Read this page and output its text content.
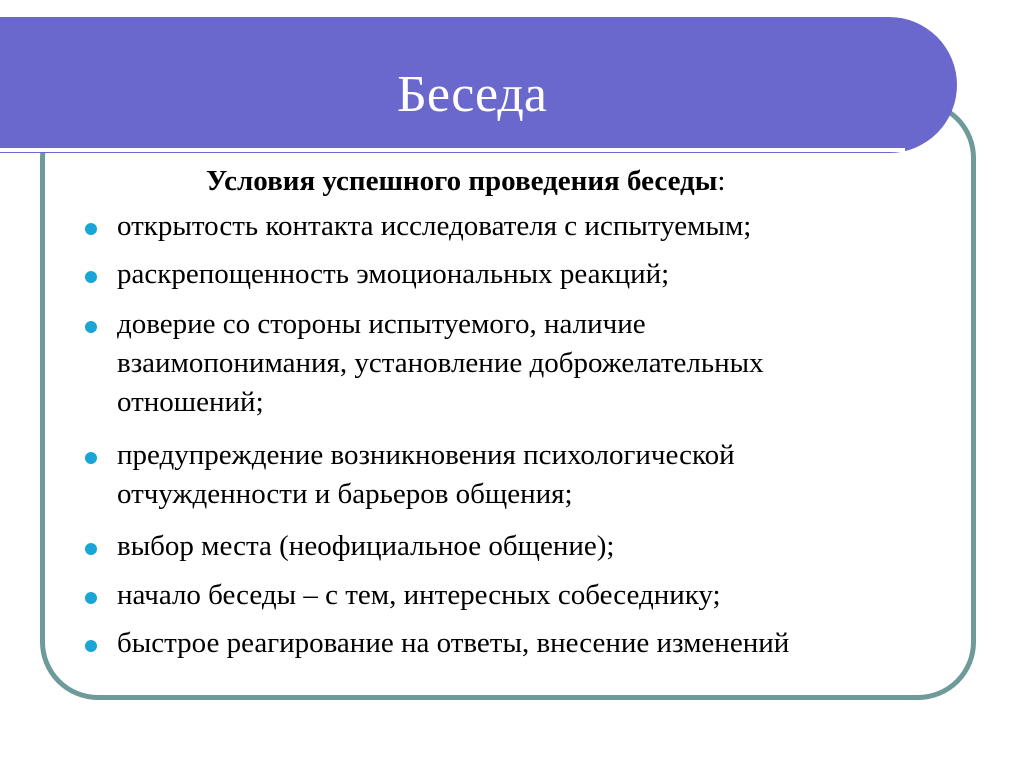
Беседа
Условия успешного проведения беседы:
открытость контакта исследователя с испытуемым;
раскрепощенность эмоциональных реакций;
доверие со стороны испытуемого, наличие
взаимопонимания, установление доброжелательных
отношений;
предупреждение возникновения психологической
отчужденности и барьеров общения;
выбор места (неофициальное общение);
начало беседы – с тем, интересных собеседнику;
быстрое реагирование на ответы, внесение изменений
